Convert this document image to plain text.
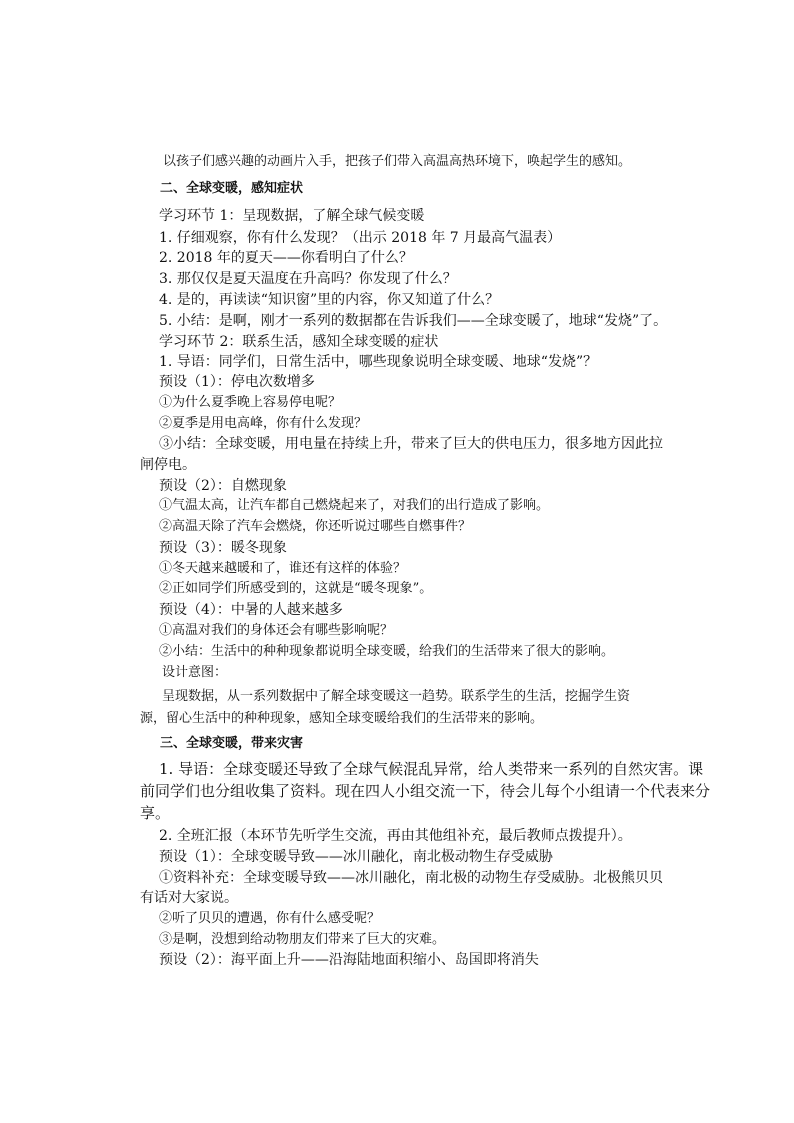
以孩子们感兴趣的动画片入手，把孩子们带入高温高热环境下，唤起学生的感知。
二、全球变暖，感知症状
学习环节 1：呈现数据，了解全球气候变暖
1. 仔细观察，你有什么发现？（出示 2018 年 7 月最高气温表）
2. 2018 年的夏天——你看明白了什么？
3. 那仅仅是夏天温度在升高吗？你发现了什么？
4. 是的，再读读“知识窗”里的内容，你又知道了什么？
5. 小结：是啊，刚才一系列的数据都在告诉我们——全球变暖了，地球“发烧”了。
学习环节 2：联系生活，感知全球变暖的症状
1. 导语：同学们，日常生活中，哪些现象说明全球变暖、地球“发烧”？
预设（1）：停电次数增多
①为什么夏季晚上容易停电呢？
②夏季是用电高峰，你有什么发现？
③小结：全球变暖，用电量在持续上升，带来了巨大的供电压力，很多地方因此拉
闸停电。
预设（2）：自燃现象
①气温太高，让汽车都自己燃烧起来了，对我们的出行造成了影响。
②高温天除了汽车会燃烧，你还听说过哪些自燃事件？
预设（3）：暖冬现象
①冬天越来越暖和了，谁还有这样的体验？
②正如同学们所感受到的，这就是“暖冬现象”。
预设（4）：中暑的人越来越多
①高温对我们的身体还会有哪些影响呢？
②小结：生活中的种种现象都说明全球变暖，给我们的生活带来了很大的影响。
设计意图：
呈现数据，从一系列数据中了解全球变暖这一趋势。联系学生的生活，挖掘学生资
源，留心生活中的种种现象，感知全球变暖给我们的生活带来的影响。
三、全球变暖，带来灾害
1. 导语：全球变暖还导致了全球气候混乱异常，给人类带来一系列的自然灾害。课
前同学们也分组收集了资料。现在四人小组交流一下，待会儿每个小组请一个代表来分
享。
2. 全班汇报（本环节先听学生交流，再由其他组补充，最后教师点拨提升）。
预设（1）：全球变暖导致——冰川融化，南北极动物生存受威胁
①资料补充：全球变暖导致——冰川融化，南北极的动物生存受威胁。北极熊贝贝
有话对大家说。
②听了贝贝的遭遇，你有什么感受呢？
③是啊，没想到给动物朋友们带来了巨大的灾难。
预设（2）：海平面上升——沿海陆地面积缩小、岛国即将消失
